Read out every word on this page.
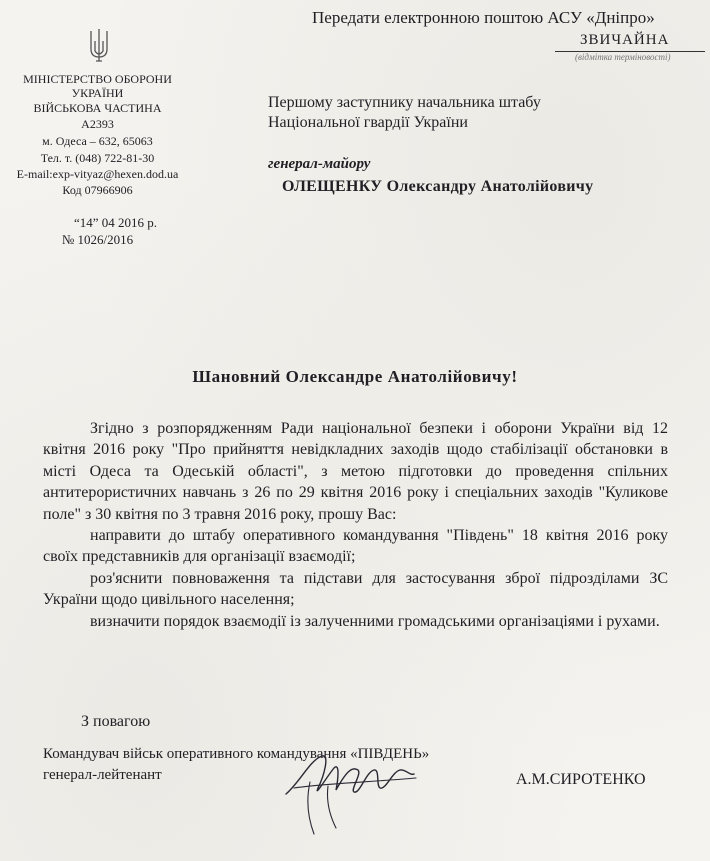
Передати електронною поштою АСУ «Дніпро»
ЗВИЧАЙНА
(відмітка терміновості)
МІНІСТЕРСТВО ОБОРОНИ
УКРАЇНИ
ВІЙСЬКОВА ЧАСТИНА
А2393
м. Одеса – 632, 65063
Тел. т. (048) 722-81-30
E-mail:exp-vityaz@hexen.dod.ua
Код 07966906
“14” 04 2016 р.
№ 1026/2016
Першому заступнику начальника штабу
Національної гвардії України
генерал-майору
ОЛЕЩЕНКУ Олександру Анатолійовичу
Шановний Олександре Анатолійовичу!

Згідно з розпорядженням Ради національної безпеки і оборони України від 12 квітня 2016 року "Про прийняття невідкладних заходів щодо стабілізації обстановки в місті Одеса та Одеській області", з метою підготовки до проведення спільних антитерористичних навчань з 26 по 29 квітня 2016 року і спеціальних заходів "Куликове поле" з 30 квітня по 3 травня 2016 року, прошу Вас:

направити до штабу оперативного командування "Південь" 18 квітня 2016 року своїх представників для організації взаємодії;

роз'яснити повноваження та підстави для застосування зброї підрозділами ЗС України щодо цивільного населення;

визначити порядок взаємодії із залученними громадськими організаціями і рухами.

З повагою
Командувач військ оперативного командування «ПІВДЕНЬ»
генерал-лейтенант	А.М.СИРОТЕНКО
